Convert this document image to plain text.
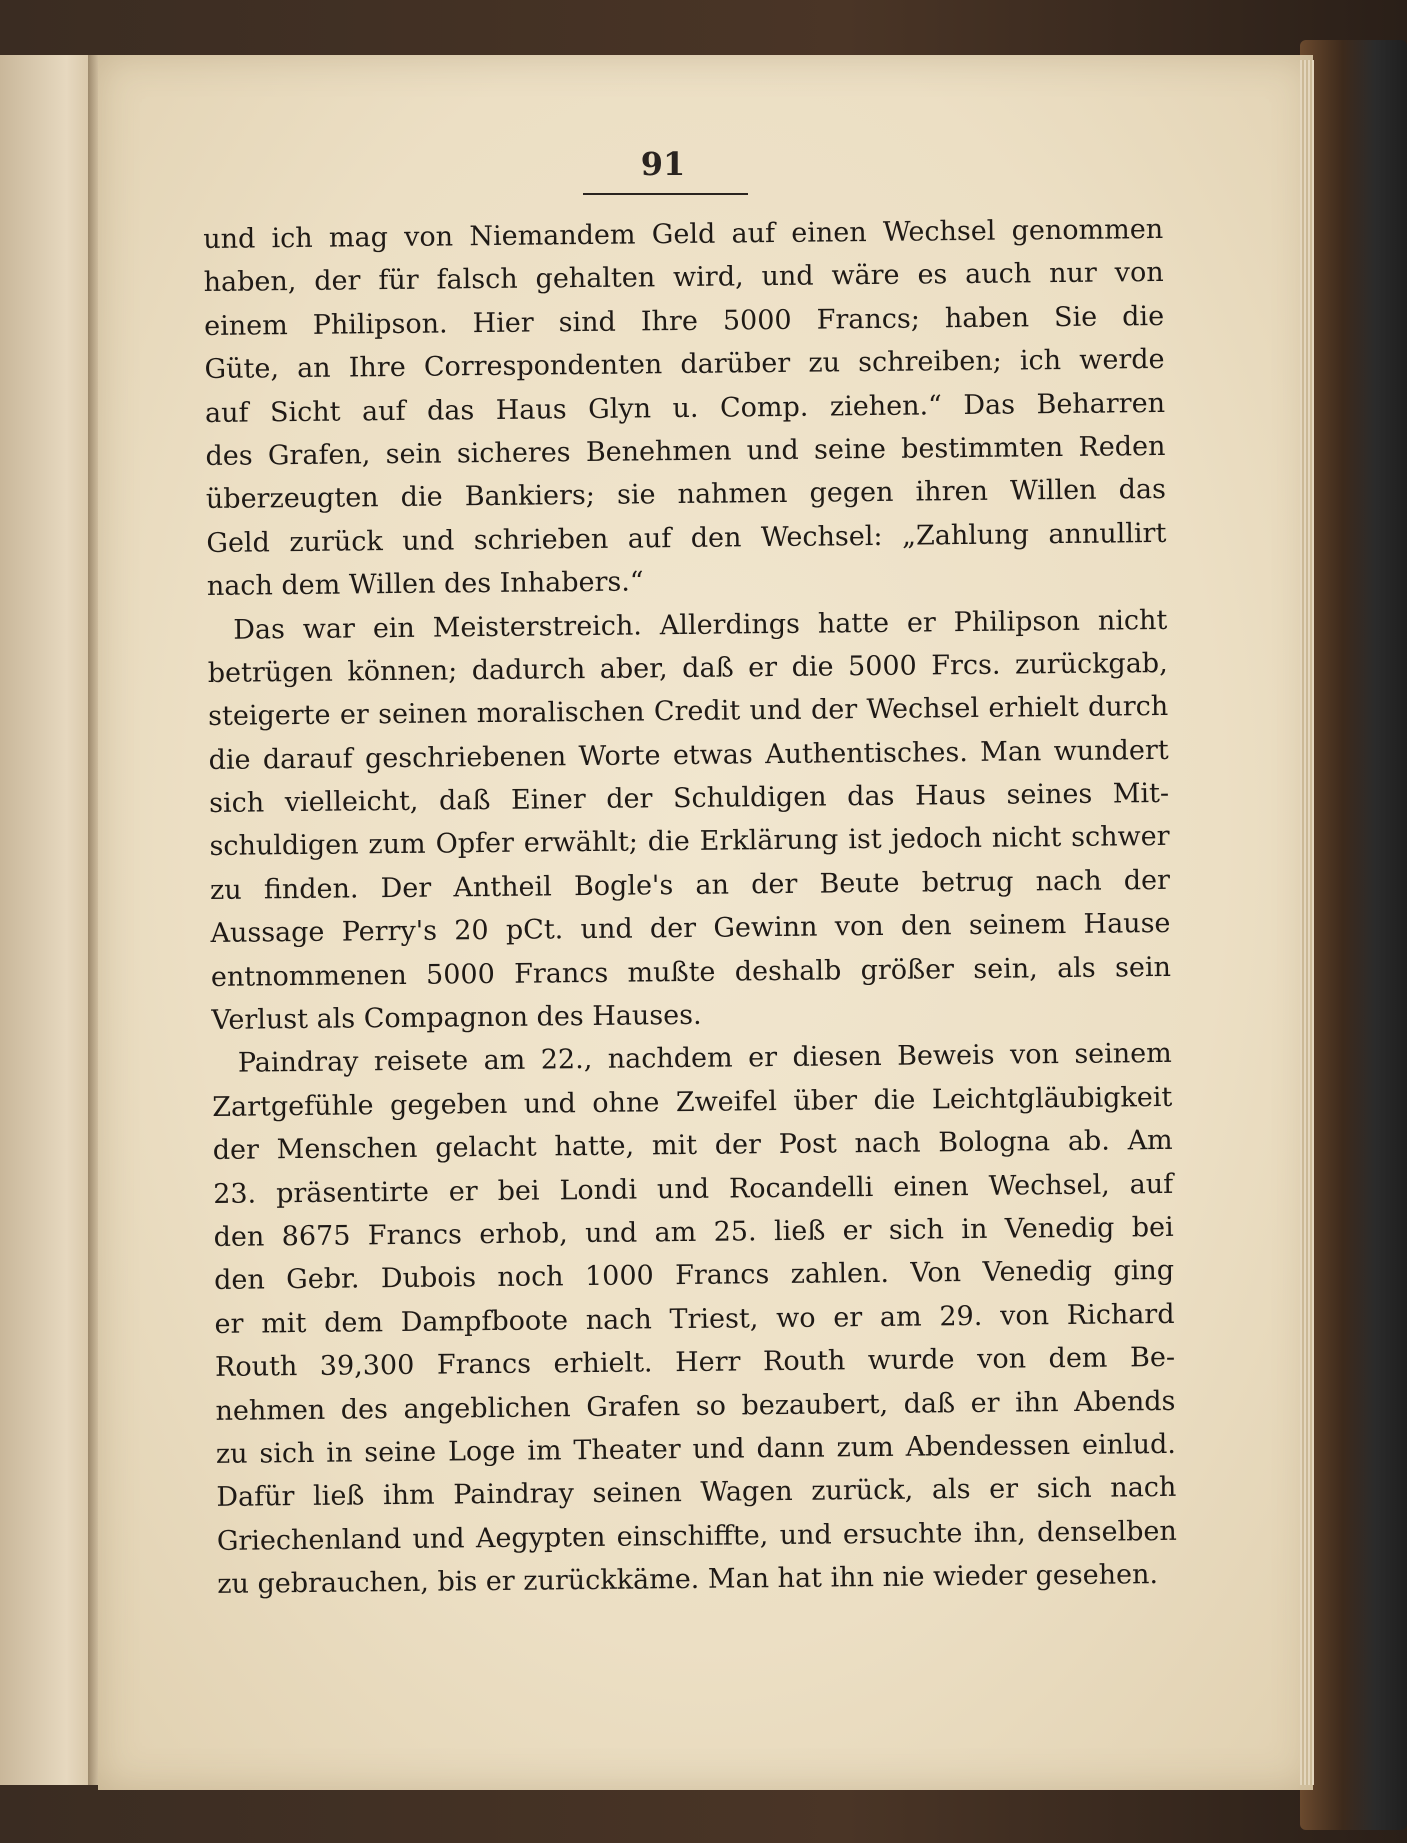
91
und ich mag von Niemandem Geld auf einen Wechsel genommen
haben, der für falsch gehalten wird, und wäre es auch nur von
einem Philipson. Hier sind Ihre 5000 Francs; haben Sie die
Güte, an Ihre Correspondenten darüber zu schreiben; ich werde
auf Sicht auf das Haus Glyn u. Comp. ziehen.“ Das Beharren
des Grafen, sein sicheres Benehmen und seine bestimmten Reden
überzeugten die Bankiers; sie nahmen gegen ihren Willen das
Geld zurück und schrieben auf den Wechsel: „Zahlung annullirt
nach dem Willen des Inhabers.“
Das war ein Meisterstreich. Allerdings hatte er Philipson nicht
betrügen können; dadurch aber, daß er die 5000 Frcs. zurückgab,
steigerte er seinen moralischen Credit und der Wechsel erhielt durch
die darauf geschriebenen Worte etwas Authentisches. Man wundert
sich vielleicht, daß Einer der Schuldigen das Haus seines Mit-
schuldigen zum Opfer erwählt; die Erklärung ist jedoch nicht schwer
zu finden. Der Antheil Bogle's an der Beute betrug nach der
Aussage Perry's 20 pCt. und der Gewinn von den seinem Hause
entnommenen 5000 Francs mußte deshalb größer sein, als sein
Verlust als Compagnon des Hauses.
Paindray reisete am 22., nachdem er diesen Beweis von seinem
Zartgefühle gegeben und ohne Zweifel über die Leichtgläubigkeit
der Menschen gelacht hatte, mit der Post nach Bologna ab. Am
23. präsentirte er bei Londi und Rocandelli einen Wechsel, auf
den 8675 Francs erhob, und am 25. ließ er sich in Venedig bei
den Gebr. Dubois noch 1000 Francs zahlen. Von Venedig ging
er mit dem Dampfboote nach Triest, wo er am 29. von Richard
Routh 39,300 Francs erhielt. Herr Routh wurde von dem Be-
nehmen des angeblichen Grafen so bezaubert, daß er ihn Abends
zu sich in seine Loge im Theater und dann zum Abendessen einlud.
Dafür ließ ihm Paindray seinen Wagen zurück, als er sich nach
Griechenland und Aegypten einschiffte, und ersuchte ihn, denselben
zu gebrauchen, bis er zurückkäme. Man hat ihn nie wieder gesehen.
